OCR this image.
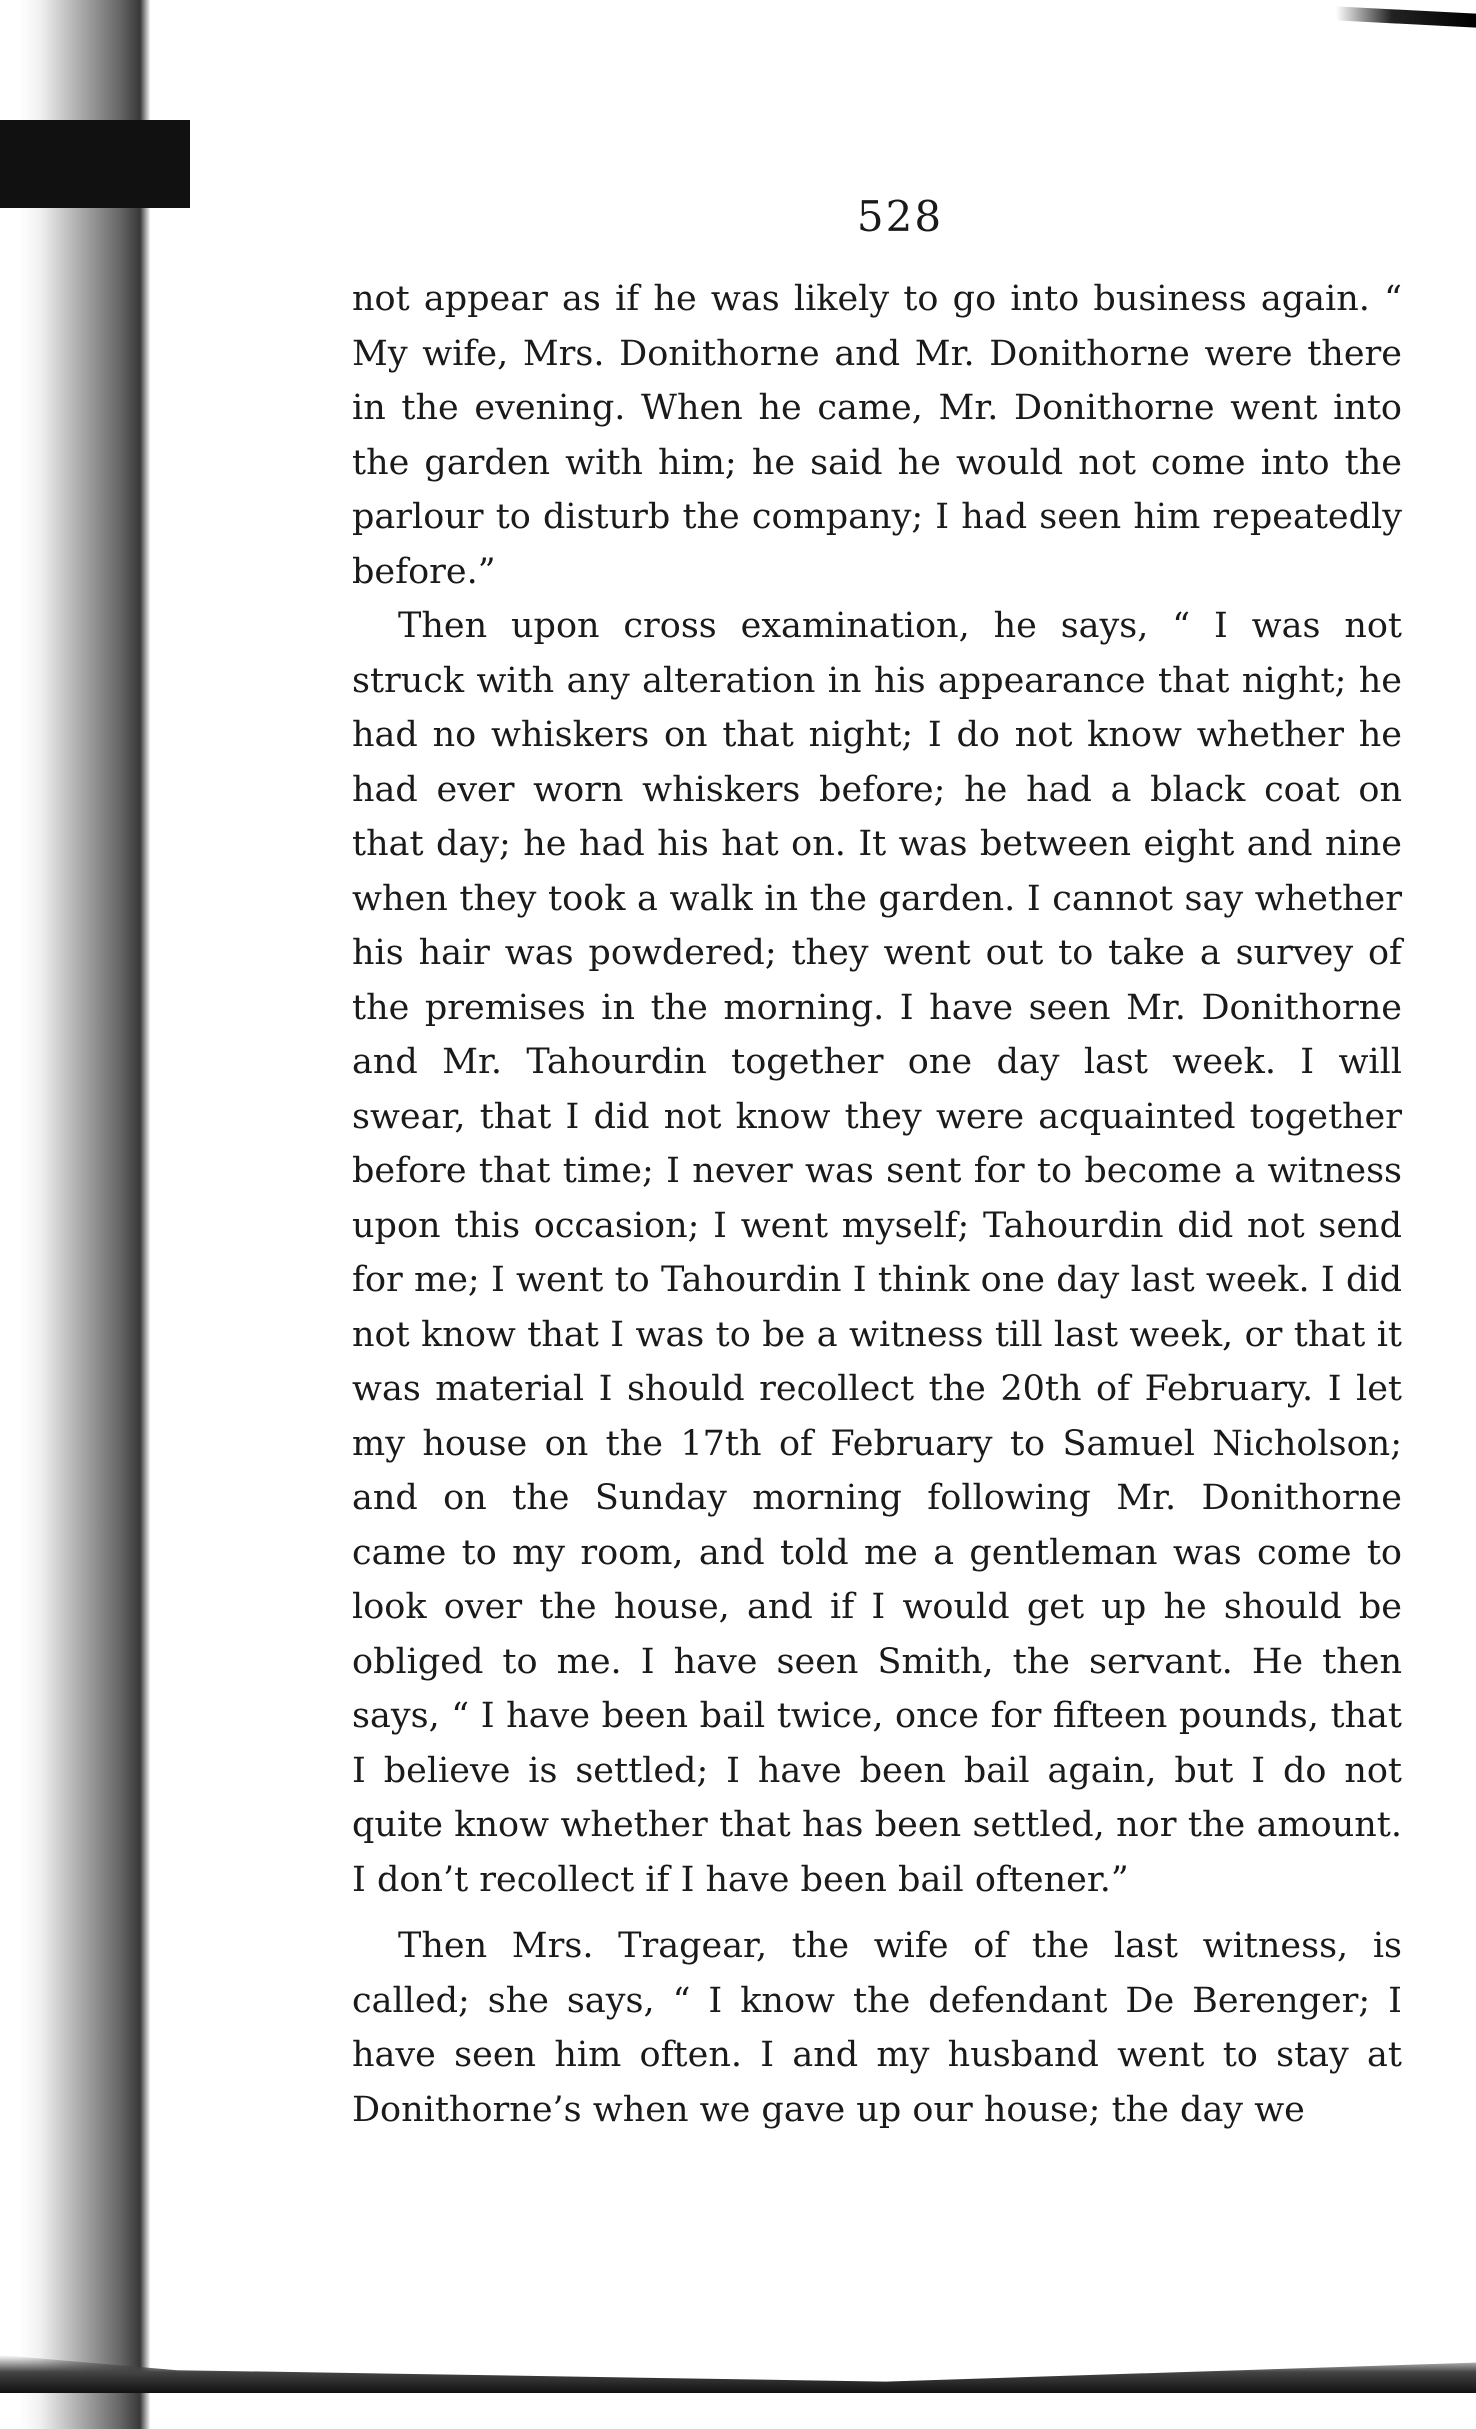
528

not appear as if he was likely to go into business again. “ My wife, Mrs. Donithorne and Mr. Donithorne were there in the evening. When he came, Mr. Donithorne went into the garden with him; he said he would not come into the parlour to disturb the company; I had seen him repeatedly before.”

Then upon cross examination, he says, “ I was not struck with any alteration in his appearance that night; he had no whiskers on that night; I do not know whether he had ever worn whiskers before; he had a black coat on that day; he had his hat on. It was between eight and nine when they took a walk in the garden. I cannot say whether his hair was powdered; they went out to take a survey of the premises in the morning. I have seen Mr. Donithorne and Mr. Tahourdin together one day last week. I will swear, that I did not know they were acquainted together before that time; I never was sent for to become a witness upon this occasion; I went myself; Tahourdin did not send for me; I went to Tahourdin I think one day last week. I did not know that I was to be a witness till last week, or that it was material I should recollect the 20th of February. I let my house on the 17th of February to Samuel Nicholson; and on the Sunday morning following Mr. Donithorne came to my room, and told me a gentleman was come to look over the house, and if I would get up he should be obliged to me. I have seen Smith, the servant. He then says, “ I have been bail twice, once for fifteen pounds, that I believe is settled; I have been bail again, but I do not quite know whether that has been settled, nor the amount. I don’t recollect if I have been bail oftener.”

Then Mrs. Tragear, the wife of the last witness, is called; she says, “ I know the defendant De Berenger; I have seen him often. I and my husband went to stay at Donithorne’s when we gave up our house; the day we
